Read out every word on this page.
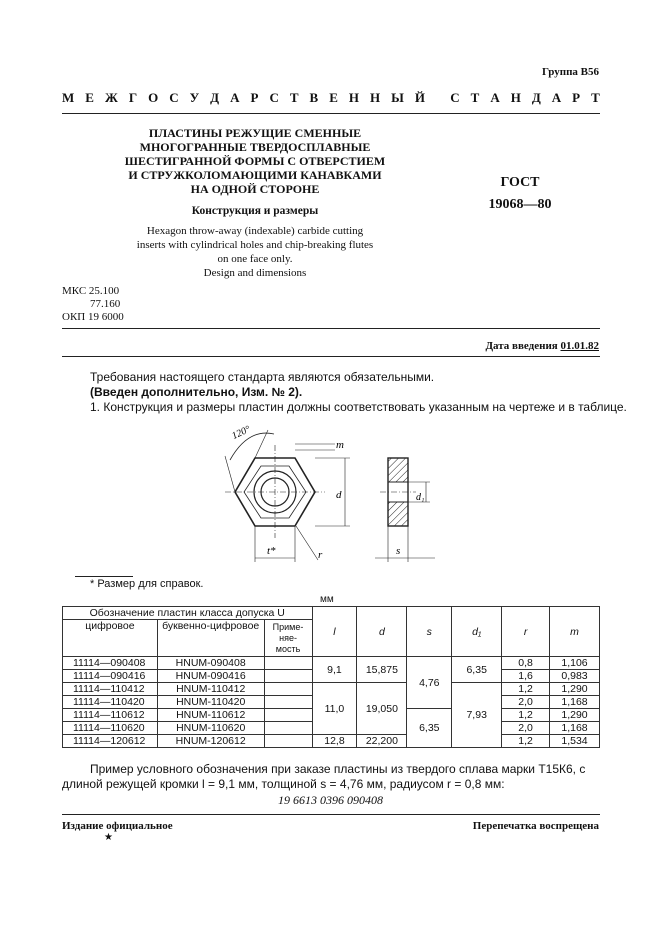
Группа В56
М Е Ж Г О С У Д А Р С Т В Е Н Н Ы Й
С Т А Н Д А Р Т
ПЛАСТИНЫ РЕЖУЩИЕ СМЕННЫЕ
МНОГОГРАННЫЕ ТВЕРДОСПЛАВНЫЕ
ШЕСТИГРАННОЙ ФОРМЫ С ОТВЕРСТИЕМ
И СТРУЖКОЛОМАЮЩИМИ КАНАВКАМИ
НА ОДНОЙ СТОРОНЕ
Конструкция и размеры
Hexagon throw-away (indexable) carbide cutting
inserts with cylindrical holes and chip-breaking flutes
on one face only.
Design and dimensions
ГОСТ
19068—80
МКС 25.100
77.160
ОКП 19 6000
Дата введения 01.01.82
Требования настоящего стандарта являются обязательными.
(Введен дополнительно, Изм. № 2).
1. Конструкция и размеры пластин должны соответствовать указанным на чертеже и в таблице.
120°
m
d
t*	r
d₁
s
* Размер для справок.
мм
Обозначение пластин класса допуска U			l	d	s	d₁	r	m
цифровое	буквенно-цифровое	Приме-
няе-
мость						
11114—090408	HNUM-090408		9,1	15,875	4,76	6,35	0,8	1,106
11114—090416	HNUM-090416						1,6	0,983
11114—110412	HNUM-110412		11,0	19,050		7,93	1,2	1,290
11114—110420	HNUM-110420						2,0	1,168
11114—110612	HNUM-110612				6,35		1,2	1,290
11114—110620	HNUM-110620						2,0	1,168
11114—120612	HNUM-120612		12,8	22,200			1,2	1,534
Пример условного обозначения при заказе пластины из твердого сплава марки Т15К6, с длиной режущей кромки l = 9,1 мм, толщиной s = 4,76 мм, радиусом r = 0,8 мм:
19 6613 0396 090408
Издание официальное	Перепечатка воспрещена
★
